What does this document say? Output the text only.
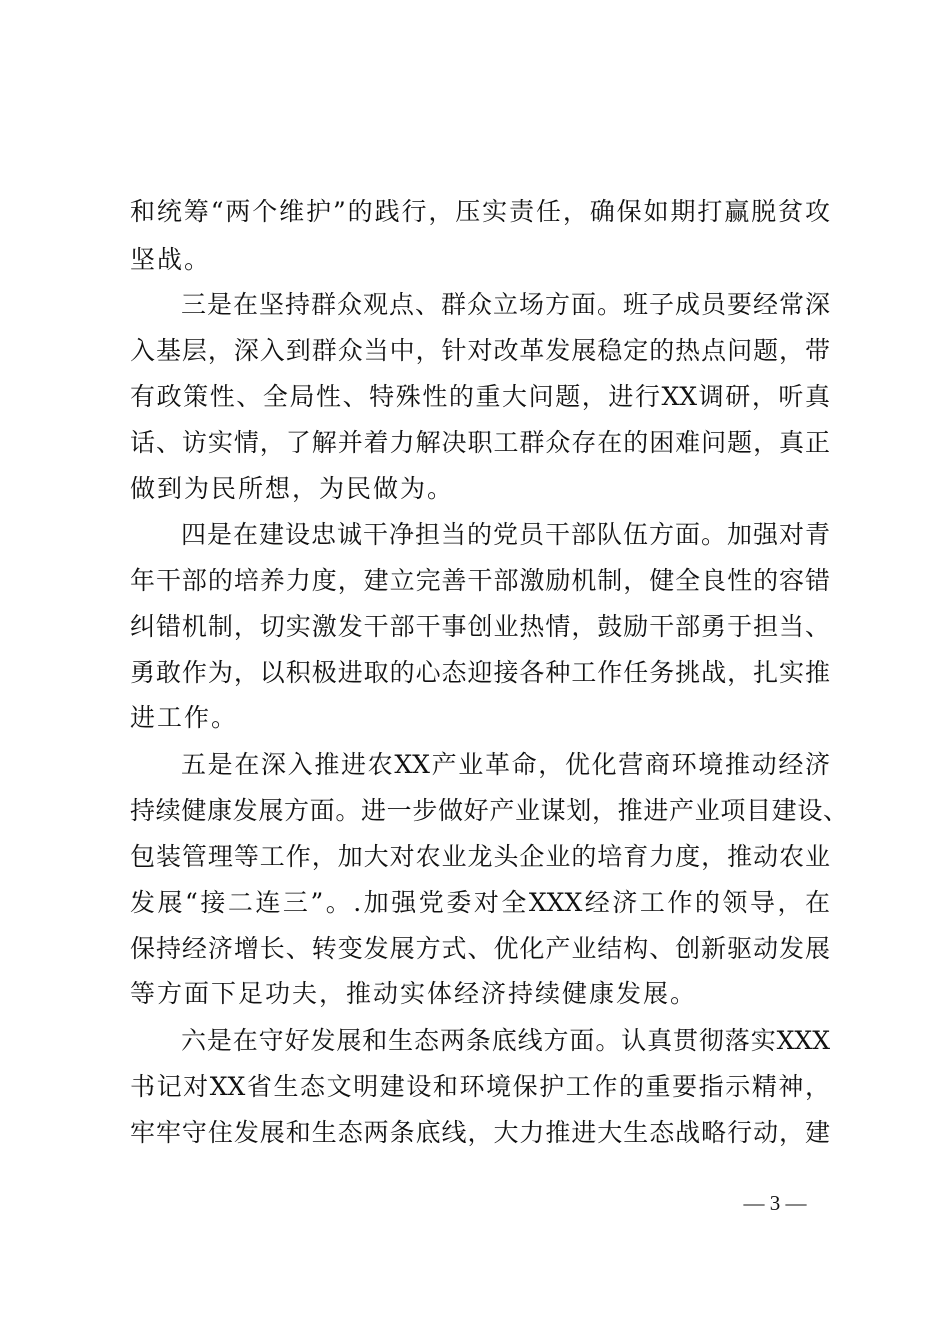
和统筹“两个维护”的践行，压实责任，确保如期打赢脱贫攻
坚战。
三是在坚持群众观点、群众立场方面。班子成员要经常深
入基层，深入到群众当中，针对改革发展稳定的热点问题，带
有政策性、全局性、特殊性的重大问题，进行XX调研，听真
话、访实情，了解并着力解决职工群众存在的困难问题，真正
做到为民所想，为民做为。
四是在建设忠诚干净担当的党员干部队伍方面。加强对青
年干部的培养力度，建立完善干部激励机制，健全良性的容错
纠错机制，切实激发干部干事创业热情，鼓励干部勇于担当、
勇敢作为，以积极进取的心态迎接各种工作任务挑战，扎实推
进工作。
五是在深入推进农XX产业革命，优化营商环境推动经济
持续健康发展方面。进一步做好产业谋划，推进产业项目建设、
包装管理等工作，加大对农业龙头企业的培育力度，推动农业
发展“接二连三”。.加强党委对全XXX经济工作的领导，在
保持经济增长、转变发展方式、优化产业结构、创新驱动发展
等方面下足功夫，推动实体经济持续健康发展。
六是在守好发展和生态两条底线方面。认真贯彻落实XXX
书记对XX省生态文明建设和环境保护工作的重要指示精神，
牢牢守住发展和生态两条底线，大力推进大生态战略行动，建
— 3 —
